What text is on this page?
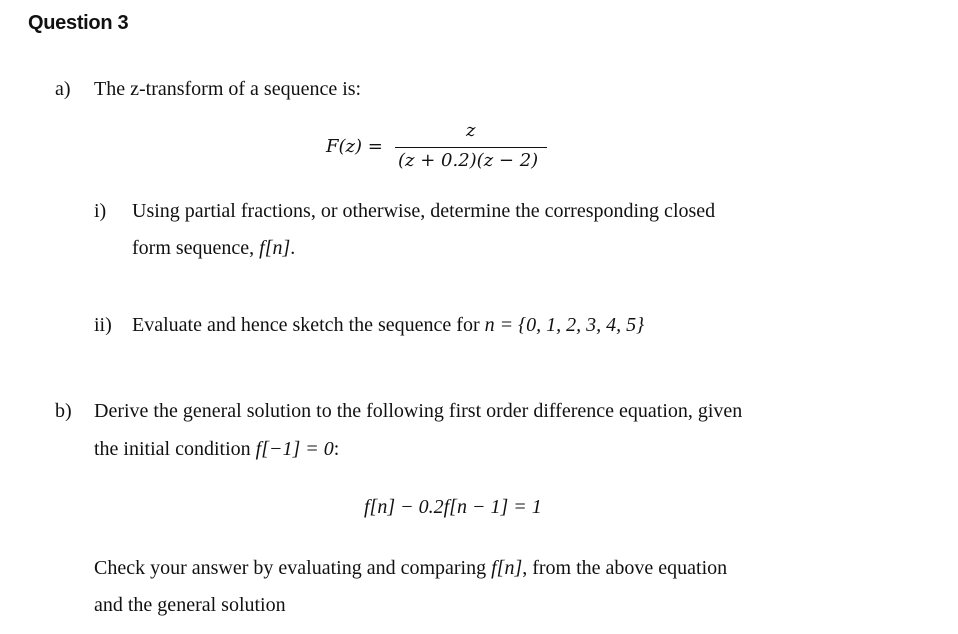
Question 3
a) The z-transform of a sequence is:
F(z) =
z
(z + 0.2)(z − 2)
i) Using partial fractions, or otherwise, determine the corresponding closed
form sequence, f[n].
ii) Evaluate and hence sketch the sequence for n = {0, 1, 2, 3, 4, 5}
b) Derive the general solution to the following first order difference equation, given
the initial condition f[−1] = 0:
f[n] − 0.2f[n − 1] = 1
Check your answer by evaluating and comparing f[n], from the above equation
and the general solution
